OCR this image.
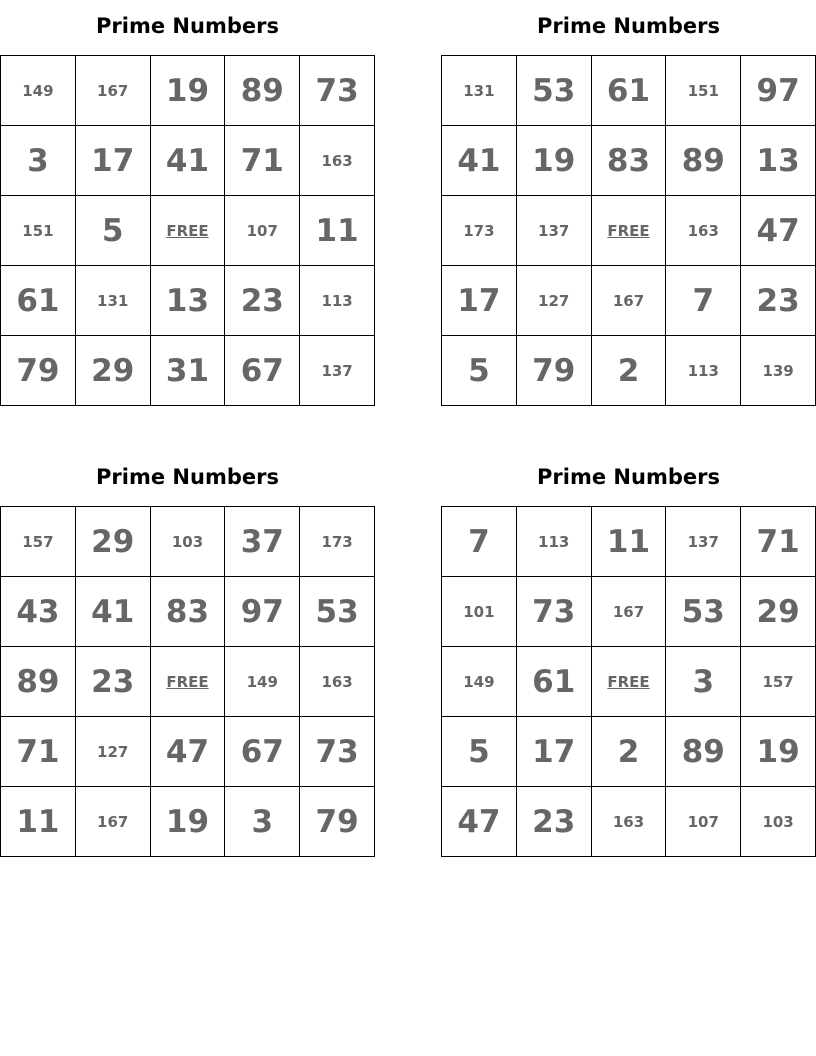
Prime Numbers
149	167	19	89	73
3	17	41	71	163
151	5	FREE	107	11
61	131	13	23	113
79	29	31	67	137
Prime Numbers
131	53	61	151	97
41	19	83	89	13
173	137	FREE	163	47
17	127	167	7	23
5	79	2	113	139
Prime Numbers
157	29	103	37	173
43	41	83	97	53
89	23	FREE	149	163
71	127	47	67	73
11	167	19	3	79
Prime Numbers
7	113	11	137	71
101	73	167	53	29
149	61	FREE	3	157
5	17	2	89	19
47	23	163	107	103
